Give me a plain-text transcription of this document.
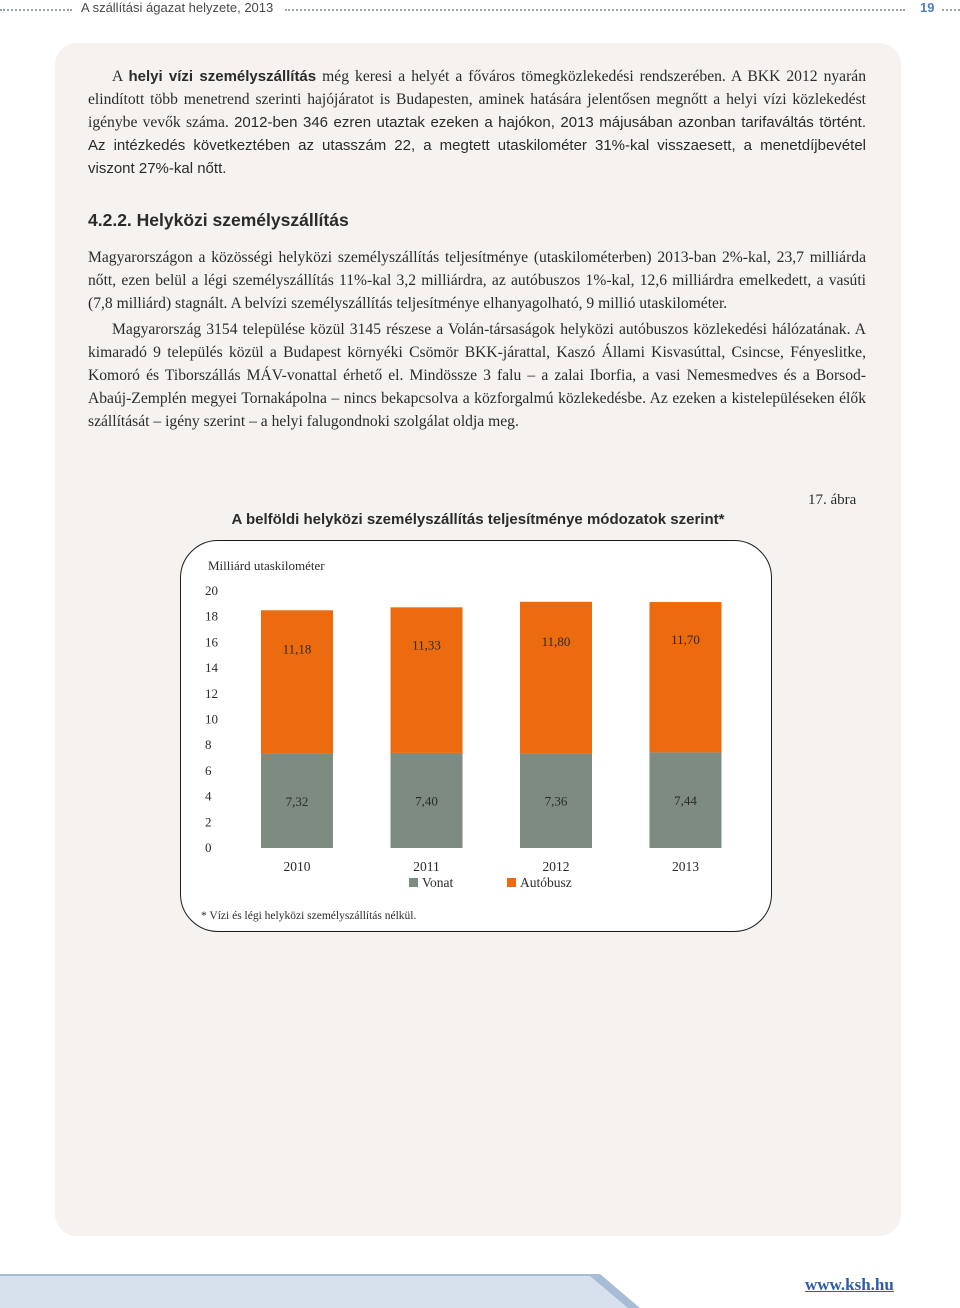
A szállítási ágazat helyzete, 2013	19

A helyi vízi személyszállítás még keresi a helyét a főváros tömegközlekedési rendszerében. A BKK 2012 nyarán elindított több menetrend szerinti hajójáratot is Budapesten, aminek hatására jelentősen megnőtt a helyi vízi közlekedést igénybe vevők száma. 2012-ben 346 ezren utaztak ezeken a hajókon, 2013 májusában azonban tarifaváltás történt. Az intézkedés következtében az utasszám 22, a megtett utaskilométer 31%-kal visszaesett, a menetdíjbevétel viszont 27%-kal nőtt.

4.2.2. Helyközi személyszállítás

Magyarországon a közösségi helyközi személyszállítás teljesítménye (utaskilométerben) 2013-ban 2%-kal, 23,7 milliárda nőtt, ezen belül a légi személyszállítás 11%-kal 3,2 milliárdra, az autóbuszos 1%-kal, 12,6 milliárdra emelkedett, a vasúti (7,8 milliárd) stagnált. A belvízi személyszállítás teljesítménye elhanyagolható, 9 millió utaskilométer.

Magyarország 3154 települése közül 3145 részese a Volán-társaságok helyközi autóbuszos közlekedési hálózatának. A kimaradó 9 település közül a Budapest környéki Csömör BKK-járattal, Kaszó Állami Kisvasúttal, Csincse, Fényeslitke, Komoró és Tiborszállás MÁV-vonattal érhető el. Mindössze 3 falu – a zalai Iborfia, a vasi Nemesmedves és a Borsod-Abaúj-Zemplén megyei Tornakápolna – nincs bekapcsolva a közforgalmú közlekedésbe. Az ezeken a kistelepüléseken élők szállítását – igény szerint – a helyi falugondnoki szolgálat oldja meg.

17. ábra
A belföldi helyközi személyszállítás teljesítménye módozatok szerint*
Milliárd utaskilométer
0
2
4
6
8
10
12
14
16
18
20
7,32
11,18
2010
7,40
11,33
2011
7,36
11,80
2012
7,44
11,70
2013
Vonat	Autóbusz
* Vízi és légi helyközi személyszállítás nélkül.
www.ksh.hu
